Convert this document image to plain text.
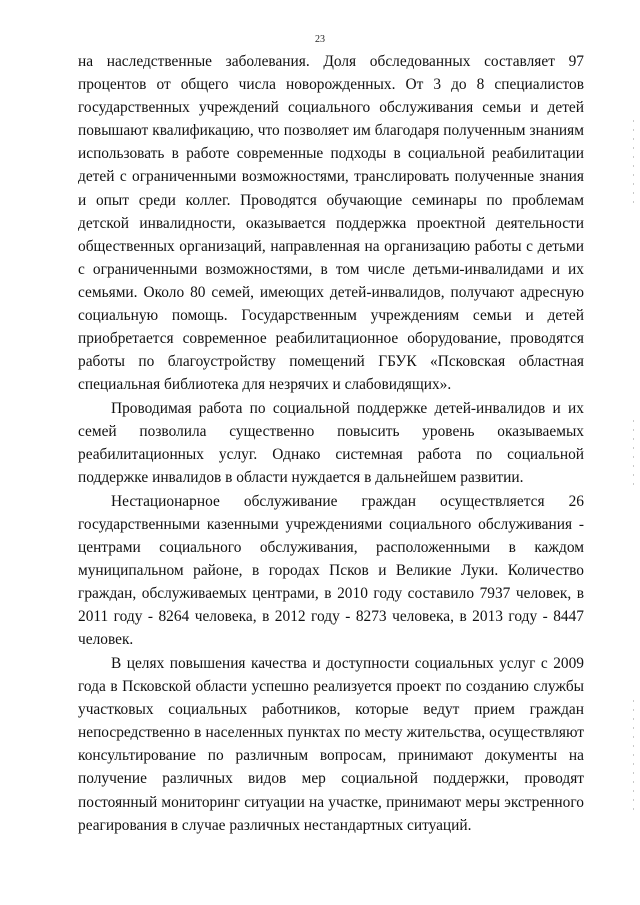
23

на наследственные заболевания. Доля обследованных составляет 97 процентов от общего числа новорожденных. От 3 до 8 специалистов государственных учреждений социального обслуживания семьи и детей повышают квалификацию, что позволяет им благодаря полученным знаниям использовать в работе современные подходы в социальной реабилитации детей с ограниченными возможностями, транслировать полученные знания и опыт среди коллег. Проводятся обучающие семинары по проблемам детской инвалидности, оказывается поддержка проектной деятельности общественных организаций, направленная на организацию работы с детьми с ограниченными возможностями, в том числе детьми-инвалидами и их семьями. Около 80 семей, имеющих детей-инвалидов, получают адресную социальную помощь. Государственным учреждениям семьи и детей приобретается современное реабилитационное оборудование, проводятся работы по благоустройству помещений ГБУК «Псковская областная специальная библиотека для незрячих и слабовидящих».

Проводимая работа по социальной поддержке детей-инвалидов и их семей позволила существенно повысить уровень оказываемых реабилитационных услуг. Однако системная работа по социальной поддержке инвалидов в области нуждается в дальнейшем развитии.

Нестационарное обслуживание граждан осуществляется 26 государственными казенными учреждениями социального обслуживания - центрами социального обслуживания, расположенными в каждом муниципальном районе, в городах Псков и Великие Луки. Количество граждан, обслуживаемых центрами, в 2010 году составило 7937 человек, в 2011 году - 8264 человека, в 2012 году - 8273 человека, в 2013 году - 8447 человек.

В целях повышения качества и доступности социальных услуг с 2009 года в Псковской области успешно реализуется проект по созданию службы участковых социальных работников, которые ведут прием граждан непосредственно в населенных пунктах по месту жительства, осуществляют консультирование по различным вопросам, принимают документы на получение различных видов мер социальной поддержки, проводят постоянный мониторинг ситуации на участке, принимают меры экстренного реагирования в случае различных нестандартных ситуаций.
